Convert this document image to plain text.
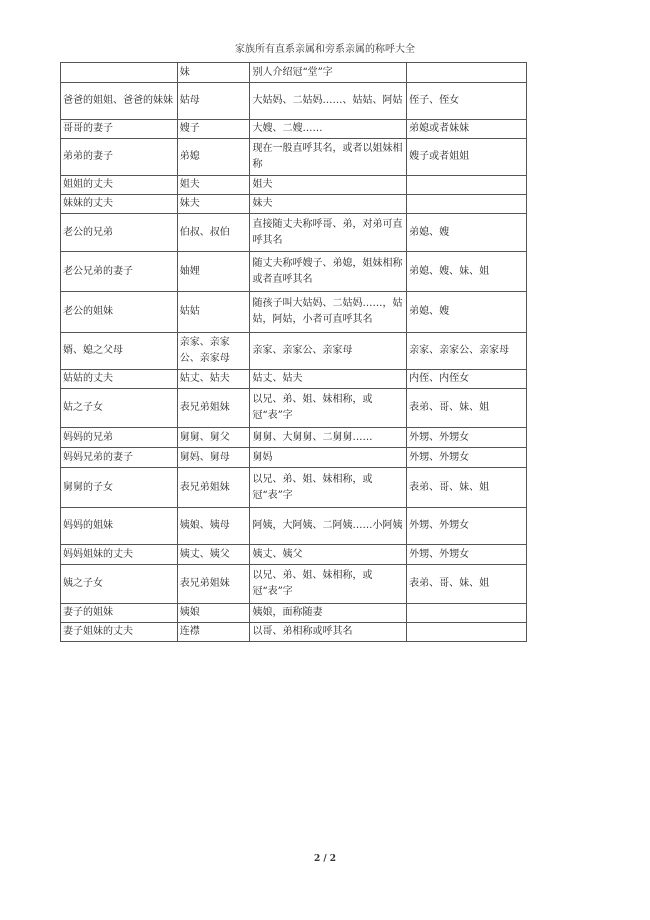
家族所有直系亲属和旁系亲属的称呼大全
	妹	别人介绍冠“堂”字	
爸爸的姐姐、爸爸的妹妹	姑母	大姑妈、二姑妈……、姑姑、阿姑	侄子、侄女
哥哥的妻子	嫂子	大嫂、二嫂……	弟媳或者妹妹
弟弟的妻子	弟媳	现在一般直呼其名，或者以姐妹相称	嫂子或者姐姐
姐姐的丈夫	姐夫	姐夫	
妹妹的丈夫	妹夫	妹夫	
老公的兄弟	伯叔、叔伯	直接随丈夫称呼哥、弟，对弟可直呼其名	弟媳、嫂
老公兄弟的妻子	妯娌	随丈夫称呼嫂子、弟媳，姐妹相称或者直呼其名	弟媳、嫂、妹、姐
老公的姐妹	姑姑	随孩子叫大姑妈、二姑妈……，姑姑，阿姑，小者可直呼其名	弟媳、嫂
婿、媳之父母	亲家、亲家公、亲家母	亲家、亲家公、亲家母	亲家、亲家公、亲家母
姑姑的丈夫	姑丈、姑夫	姑丈、姑夫	内侄、内侄女
姑之子女	表兄弟姐妹	以兄、弟、姐、妹相称，或冠“表”字	表弟、哥、妹、姐
妈妈的兄弟	舅舅、舅父	舅舅、大舅舅、二舅舅……	外甥、外甥女
妈妈兄弟的妻子	舅妈、舅母	舅妈	外甥、外甥女
舅舅的子女	表兄弟姐妹	以兄、弟、姐、妹相称，或冠“表”字	表弟、哥、妹、姐
妈妈的姐妹	姨娘、姨母	阿姨，大阿姨、二阿姨……小阿姨	外甥、外甥女
妈妈姐妹的丈夫	姨丈、姨父	姨丈、姨父	外甥、外甥女
姨之子女	表兄弟姐妹	以兄、弟、姐、妹相称，或冠“表”字	表弟、哥、妹、姐
妻子的姐妹	姨娘	姨娘，面称随妻	
妻子姐妹的丈夫	连襟	以哥、弟相称或呼其名	
2 / 2
